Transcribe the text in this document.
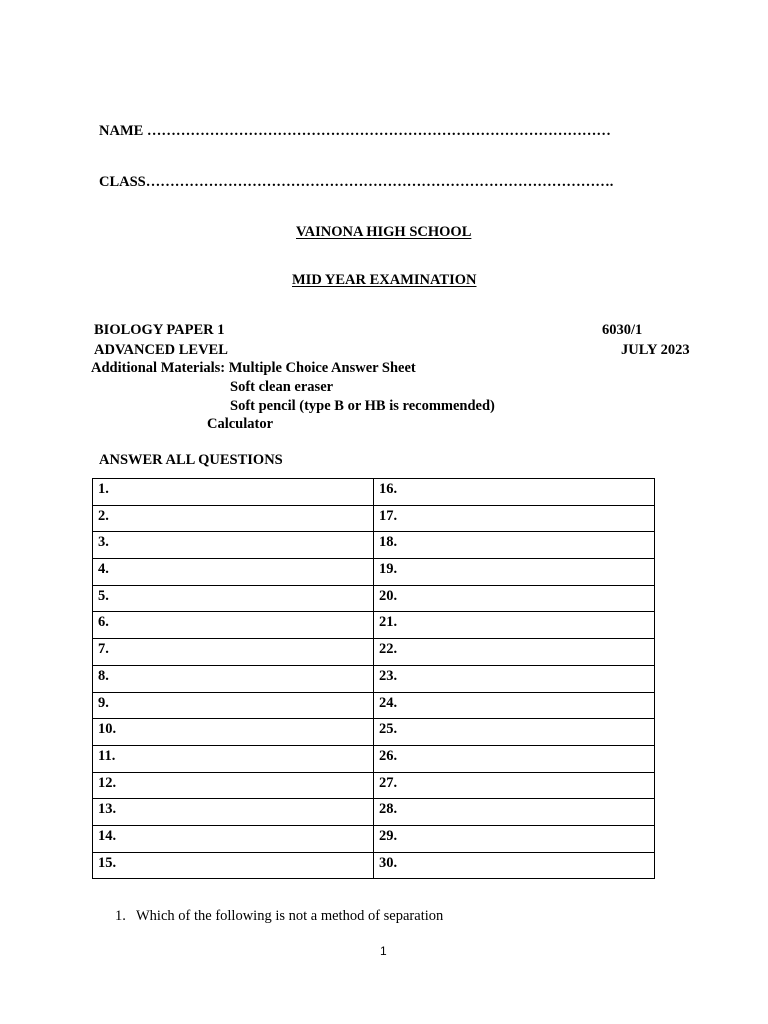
NAME ……………………………………………………………………………………
CLASS…………………………………………………………………………………….
VAINONA HIGH SCHOOL
MID YEAR EXAMINATION
BIOLOGY PAPER 1	6030/1
ADVANCED LEVEL	JULY 2023
Additional Materials: Multiple Choice Answer Sheet
Soft clean eraser
Soft pencil (type B or HB is recommended)
Calculator
ANSWER ALL QUESTIONS
1.	16.
2.	17.
3.	18.
4.	19.
5.	20.
6.	21.
7.	22.
8.	23.
9.	24.
10.	25.
11.	26.
12.	27.
13.	28.
14.	29.
15.	30.
1. Which of the following is not a method of separation
1
